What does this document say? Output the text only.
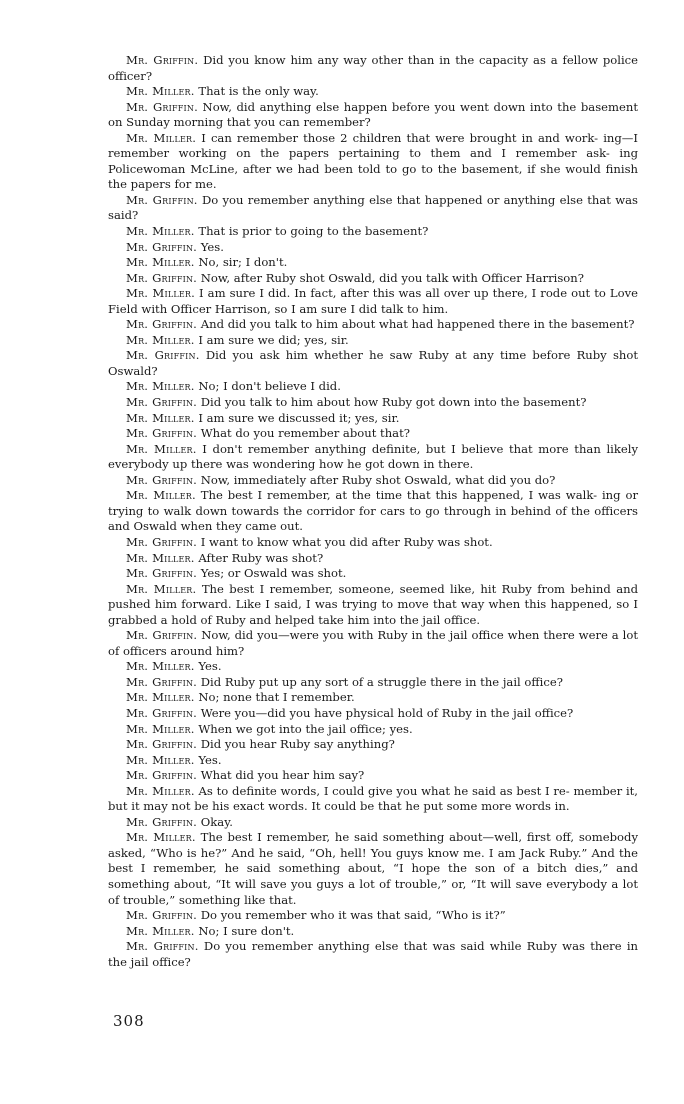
Mr. Griffin. Did you know him any way other than in the capacity as a fellow police officer?

Mr. Miller. That is the only way.

Mr. Griffin. Now, did anything else happen before you went down into the basement on Sunday morning that you can remember?

Mr. Miller. I can remember those 2 children that were brought in and work- ing—I remember working on the papers pertaining to them and I remember ask- ing Policewoman McLine, after we had been told to go to the basement, if she would finish the papers for me.

Mr. Griffin. Do you remember anything else that happened or anything else that was said?

Mr. Miller. That is prior to going to the basement?

Mr. Griffin. Yes.

Mr. Miller. No, sir; I don't.

Mr. Griffin. Now, after Ruby shot Oswald, did you talk with Officer Harrison?

Mr. Miller. I am sure I did. In fact, after this was all over up there, I rode out to Love Field with Officer Harrison, so I am sure I did talk to him.

Mr. Griffin. And did you talk to him about what had happened there in the basement?

Mr. Miller. I am sure we did; yes, sir.

Mr. Griffin. Did you ask him whether he saw Ruby at any time before Ruby shot Oswald?

Mr. Miller. No; I don't believe I did.

Mr. Griffin. Did you talk to him about how Ruby got down into the basement?

Mr. Miller. I am sure we discussed it; yes, sir.

Mr. Griffin. What do you remember about that?

Mr. Miller. I don't remember anything definite, but I believe that more than likely everybody up there was wondering how he got down in there.

Mr. Griffin. Now, immediately after Ruby shot Oswald, what did you do?

Mr. Miller. The best I remember, at the time that this happened, I was walk- ing or trying to walk down towards the corridor for cars to go through in behind of the officers and Oswald when they came out.

Mr. Griffin. I want to know what you did after Ruby was shot.

Mr. Miller. After Ruby was shot?

Mr. Griffin. Yes; or Oswald was shot.

Mr. Miller. The best I remember, someone, seemed like, hit Ruby from behind and pushed him forward. Like I said, I was trying to move that way when this happened, so I grabbed a hold of Ruby and helped take him into the jail office.

Mr. Griffin. Now, did you—were you with Ruby in the jail office when there were a lot of officers around him?

Mr. Miller. Yes.

Mr. Griffin. Did Ruby put up any sort of a struggle there in the jail office?

Mr. Miller. No; none that I remember.

Mr. Griffin. Were you—did you have physical hold of Ruby in the jail office?

Mr. Miller. When we got into the jail office; yes.

Mr. Griffin. Did you hear Ruby say anything?

Mr. Miller. Yes.

Mr. Griffin. What did you hear him say?

Mr. Miller. As to definite words, I could give you what he said as best I re- member it, but it may not be his exact words. It could be that he put some more words in.

Mr. Griffin. Okay.

Mr. Miller. The best I remember, he said something about—well, first off, somebody asked, “Who is he?” And he said, “Oh, hell! You guys know me. I am Jack Ruby.” And the best I remember, he said something about, “I hope the son of a bitch dies,” and something about, “It will save you guys a lot of trouble,” or, “It will save everybody a lot of trouble,” something like that.

Mr. Griffin. Do you remember who it was that said, “Who is it?”

Mr. Miller. No; I sure don't.

Mr. Griffin. Do you remember anything else that was said while Ruby was there in the jail office?

308
